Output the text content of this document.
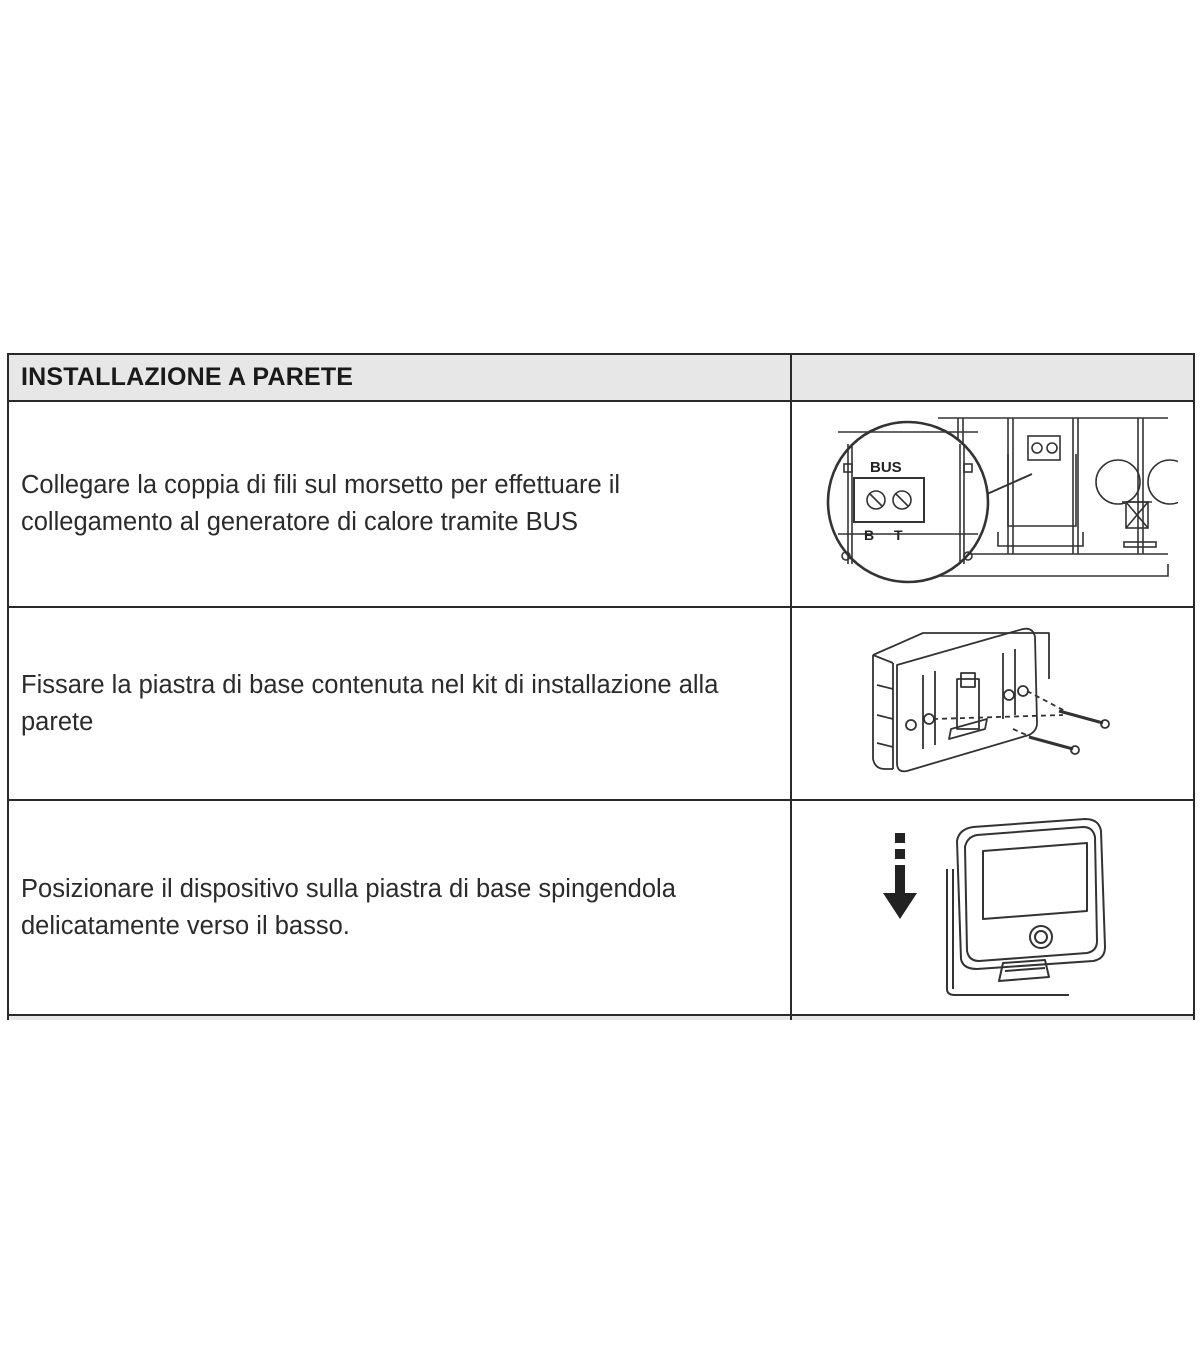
INSTALLAZIONE A PARETE	

Collegare la coppia di fili sul morsetto per effettuare il collegamento al generatore di calore tramite BUS	BUS
B T

Fissare la piastra di base contenuta nel kit di installazione alla parete

Posizionare il dispositivo sulla piastra di base spingendola delicatamente verso il basso.
